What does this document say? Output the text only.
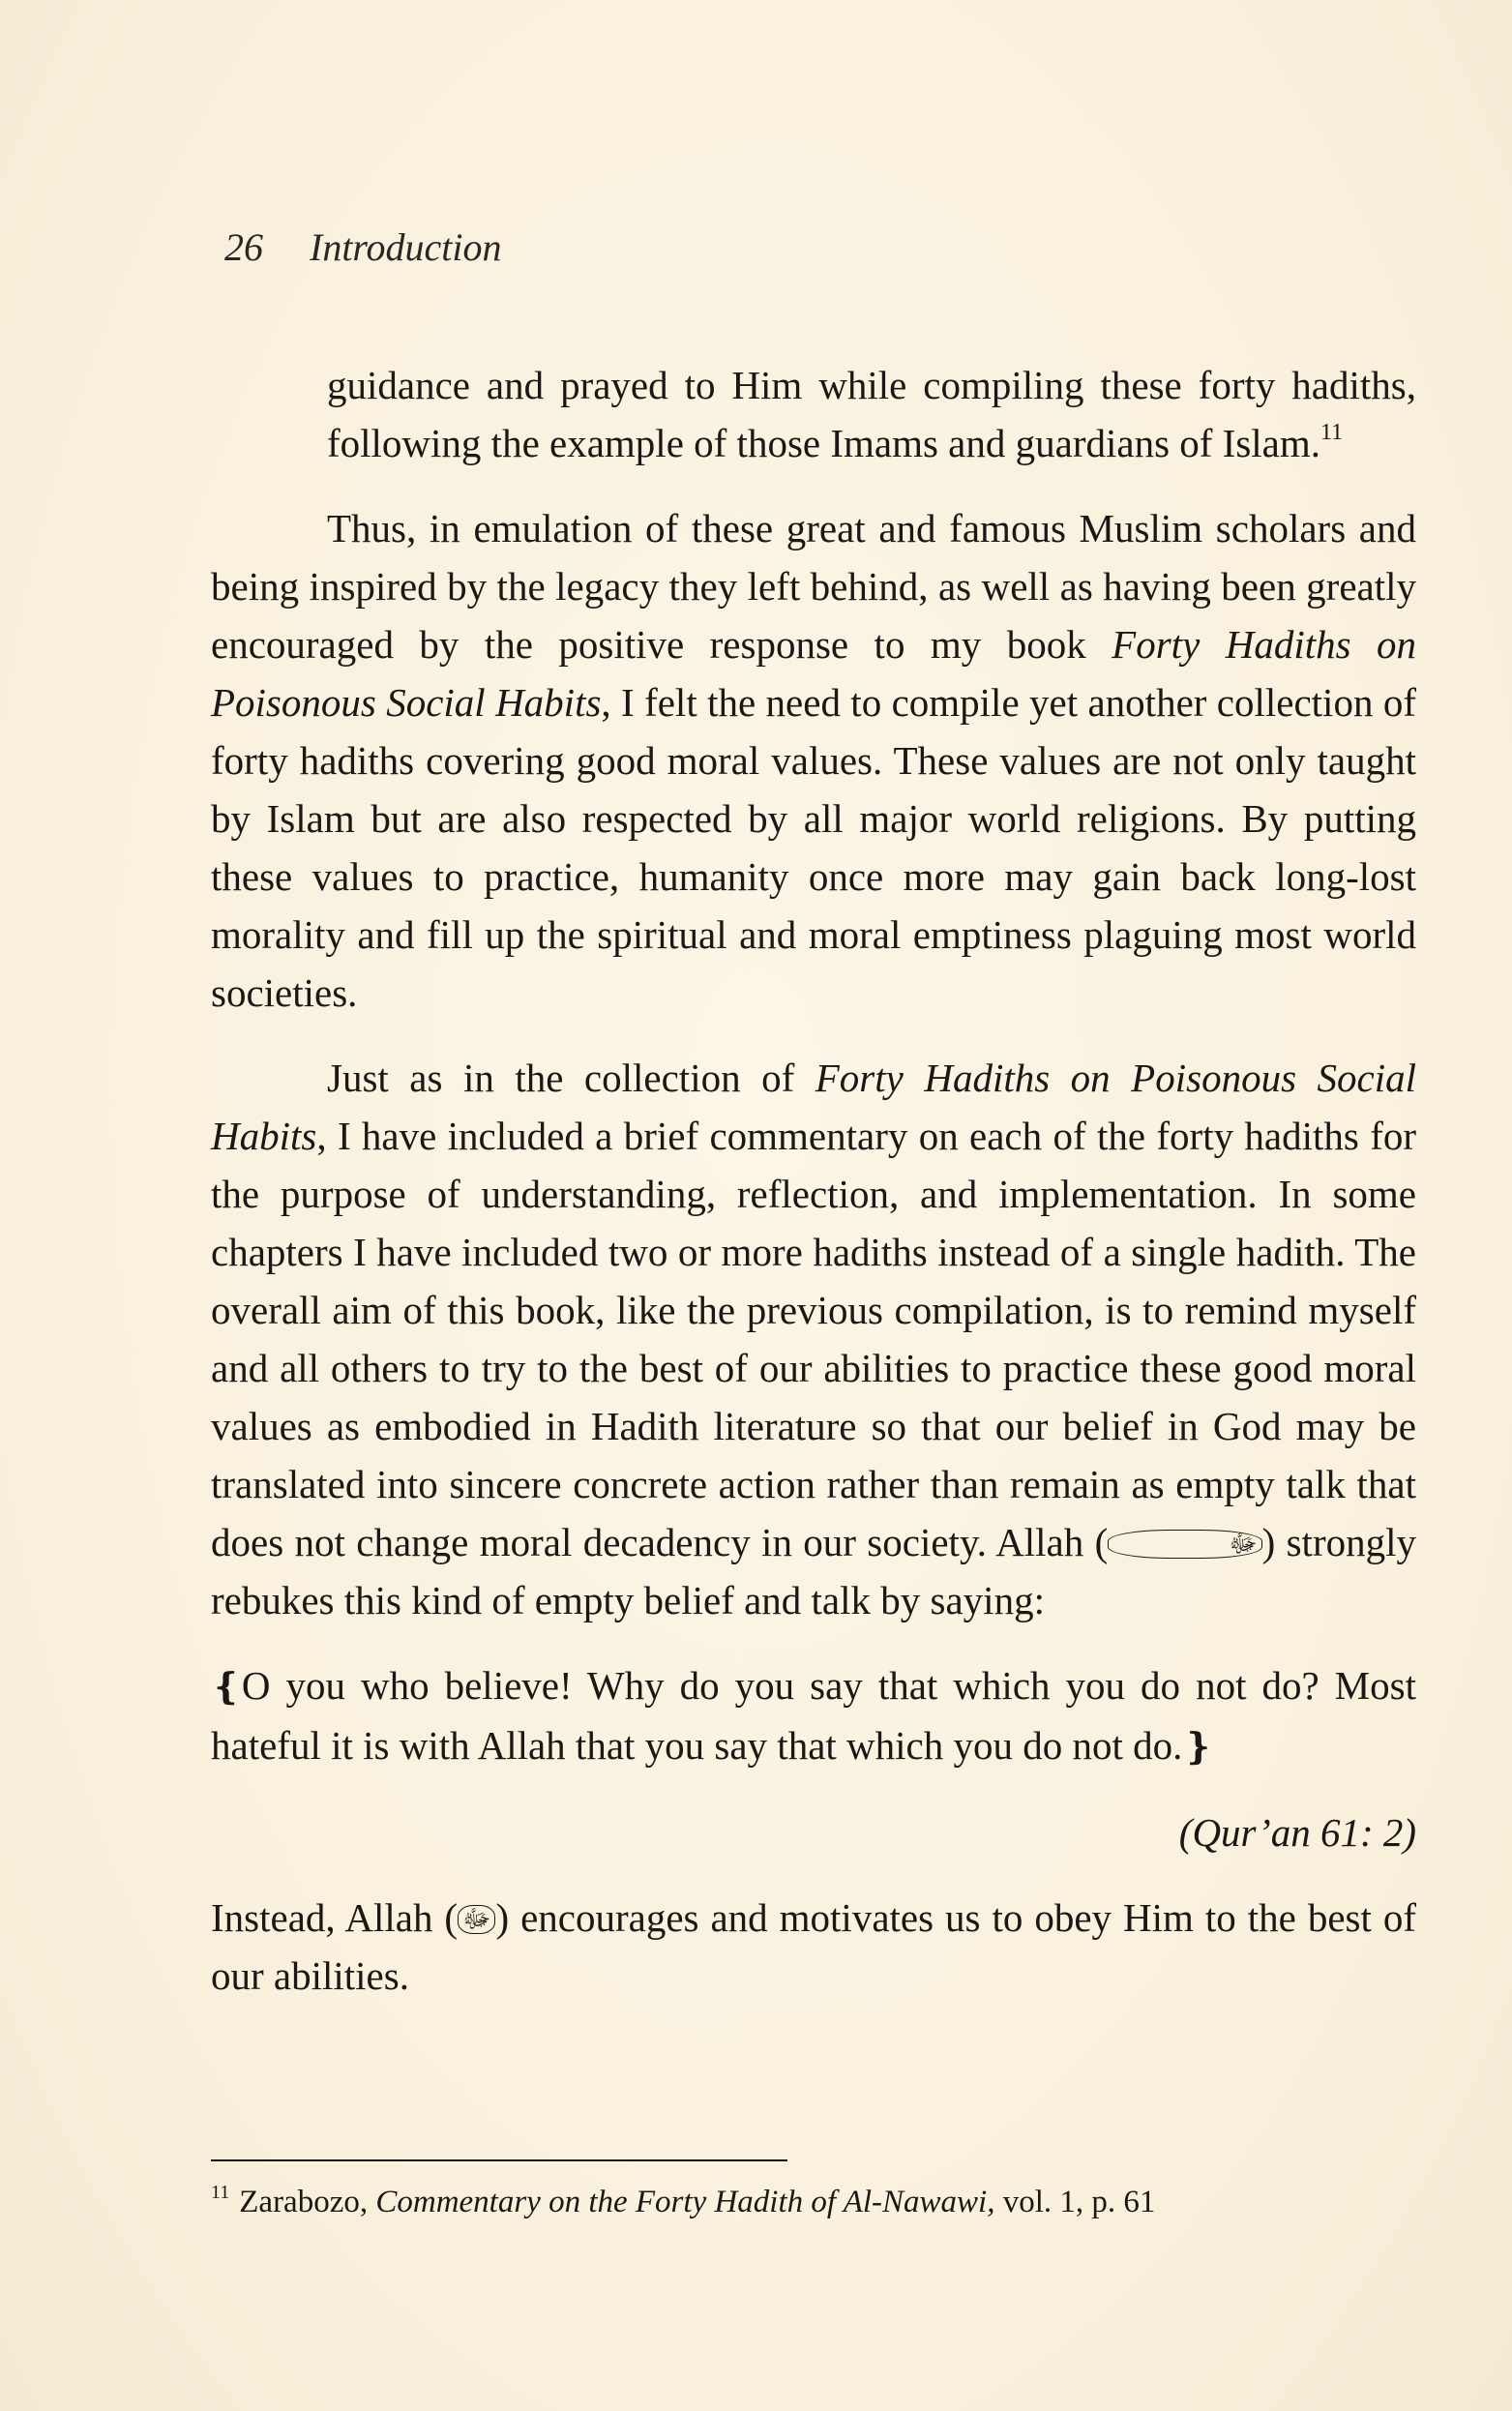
26 Introduction

guidance and prayed to Him while compiling these forty hadiths, following the example of those Imams and guardians of Islam.$^{11}$

Thus, in emulation of these great and famous Muslim scholars and being inspired by the legacy they left behind, as well as having been greatly encouraged by the positive response to my book Forty Hadiths on Poisonous Social Habits, I felt the need to compile yet another collection of forty hadiths covering good moral values. These values are not only taught by Islam but are also respected by all major world religions. By putting these values to practice, humanity once more may gain back long-lost morality and fill up the spiritual and moral emptiness plaguing most world societies.

Just as in the collection of Forty Hadiths on Poisonous Social Habits, I have included a brief commentary on each of the forty hadiths for the purpose of understanding, reflection, and implementation. In some chapters I have included two or more hadiths instead of a single hadith. The overall aim of this book, like the previous compilation, is to remind myself and all others to try to the best of our abilities to practice these good moral values as embodied in Hadith literature so that our belief in God may be translated into sincere concrete action rather than remain as empty talk that does not change moral decadency in our society. Allah (	ﷻ ) strongly rebukes this kind of empty belief and talk by saying:

❴O you who believe! Why do you say that which you do not do? Most hateful it is with Allah that you say that which you do not do.❵

(Qur’an 61: 2)

Instead, Allah ( ﷻ ) encourages and motivates us to obey Him to the best of our abilities.

$^{11}$ Zarabozo, Commentary on the Forty Hadith of Al-Nawawi, vol. 1, p. 61
